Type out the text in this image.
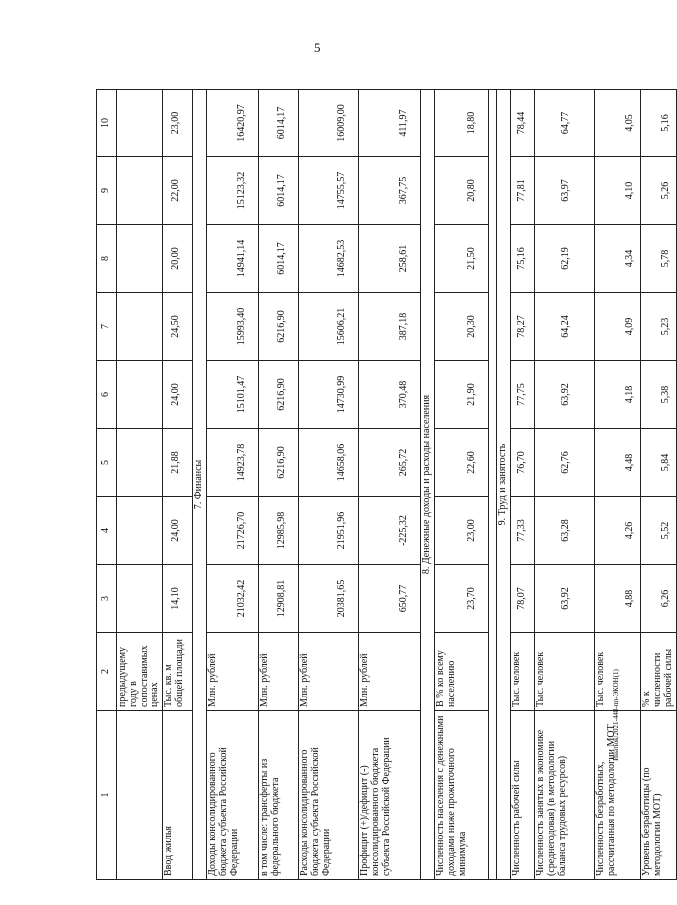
5
Инатюк/2021-448-пп-ЭКОН(1)
1	2	3	4	5	6	7	8	9	10
	предыдущему году в сопоставимых ценах								
Ввод жилья	Тыс. кв. м общей площади	14,10	24,00	21,88	24,00	24,50	20,00	22,00	23,00
7. Финансы									
Доходы консолидированного бюджета субъекта Российской Федерации	Млн. рублей	21032,42	21726,70	14923,78	15101,47	15993,40	14941,14	15123,32	16420,97
в том числе: трансферты из федерального бюджета	Млн. рублей	12908,81	12985,98	6216,90	6216,90	6216,90	6014,17	6014,17	6014,17
Расходы консолидированного бюджета субъекта Российской Федерации	Млн. рублей	20381,65	21951,96	14658,06	14730,99	15606,21	14682,53	14755,57	16009,00
Профицит (+)/дефицит (-) консолидированного бюджета субъекта Российской Федерации	Млн. рублей	650,77	-225,32	265,72	370,48	387,18	258,61	367,75	411,97
8. Денежные доходы и расходы населения									
Численность населения с денежными доходами ниже прожиточного минимума	В % ко всему населению	23,70	23,00	22,60	21,90	20,30	21,50	20,80	18,80

9. Труд и занятость									
Численность рабочей силы	Тыс. человек	78,07	77,33	76,70	77,75	78,27	75,16	77,81	78,44
Численность занятых в экономике (среднегодовая) (в методологии баланса трудовых ресурсов)	Тыс. человек	63,92	63,28	62,76	63,92	64,24	62,19	63,97	64,77
Численность безработных, рассчитанная по методологии МОТ	Тыс. человек	4,88	4,26	4,48	4,18	4,09	4,34	4,10	4,05
Уровень безработицы (по методологии МОТ)	% к численности рабочей силы	6,26	5,52	5,84	5,38	5,23	5,78	5,26	5,16
